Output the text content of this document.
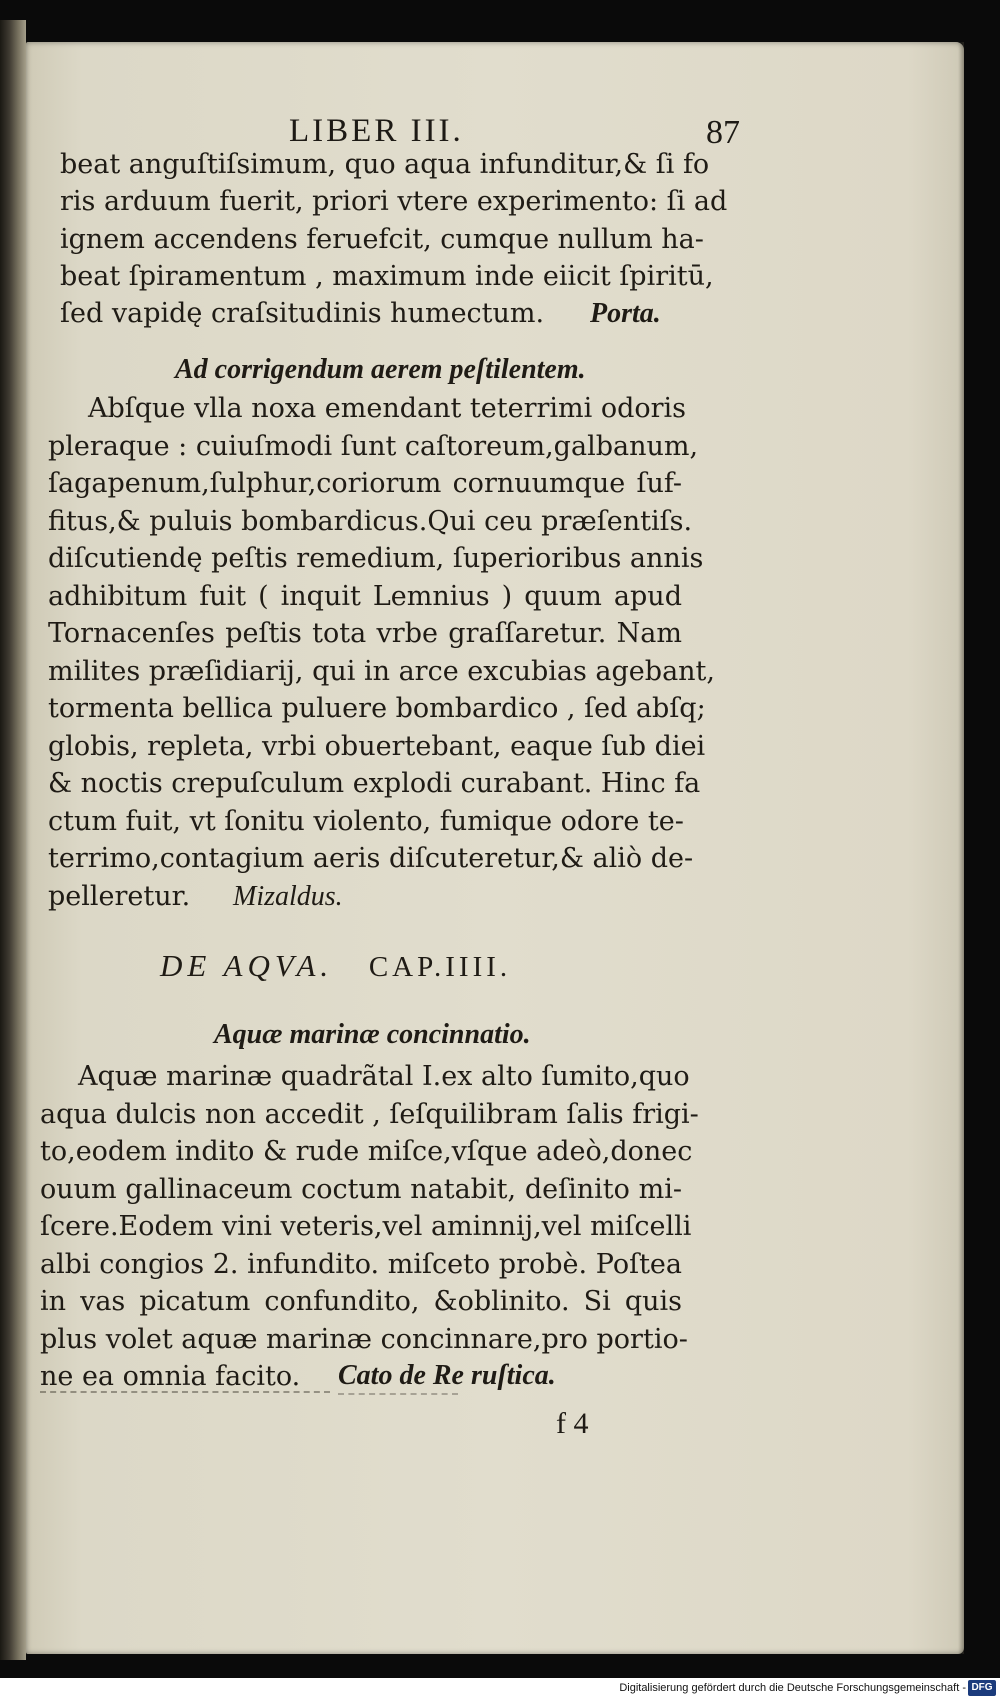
LIBER III.	87

beat anguſtiſsimum, quo aqua infunditur,& ſi fo

ris arduum fuerit, priori vtere experimento: ſi ad

ignem accendens feruefcit, cumque nullum ha-

beat ſpiramentum , maximum inde eiicit ſpiritū,

ſed vapidę craſsitudinis humectum. Porta.
Ad corrigendum aerem peſtilentem.

Abſque vlla noxa emendant teterrimi odoris

pleraque : cuiuſmodi ſunt caſtoreum,galbanum,

ſagapenum,ſulphur,coriorum cornuumque ſuf-

fitus,& puluis bombardicus.Qui ceu præſentiſs.

diſcutiendę peſtis remedium, ſuperioribus annis

adhibitum fuit ( inquit Lemnius ) quum apud

Tornacenſes peſtis tota vrbe graſſaretur. Nam

milites præſidiarij, qui in arce excubias agebant,

tormenta bellica puluere bombardico , ſed abſq;

globis, repleta, vrbi obuertebant, eaque ſub diei

& noctis crepuſculum explodi curabant. Hinc fa

ctum fuit, vt ſonitu violento, fumique odore te-

terrimo,contagium aeris diſcuteretur,& aliò de-

pelleretur.	Mizaldus.
DE AQVA. CAP.IIII.
Aquæ marinæ concinnatio.

Aquæ marinæ quadrãtal I.ex alto ſumito,quo

aqua dulcis non accedit , ſeſquilibram ſalis frigi-

to,eodem indito & rude miſce,vſque adeò,donec

ouum gallinaceum coctum natabit, deſinito mi-

ſcere.Eodem vini veteris,vel aminnij,vel miſcelli

albi congios 2. infundito. miſceto probè. Poſtea

in vas picatum confundito, &oblinito. Si quis

plus volet aquæ marinæ concinnare,pro portio-

ne ea omnia facito.	Cato de Re ruſtica.

f 4

Digitalisierung gefördert durch die Deutsche Forschungsgemeinschaft - DFG
